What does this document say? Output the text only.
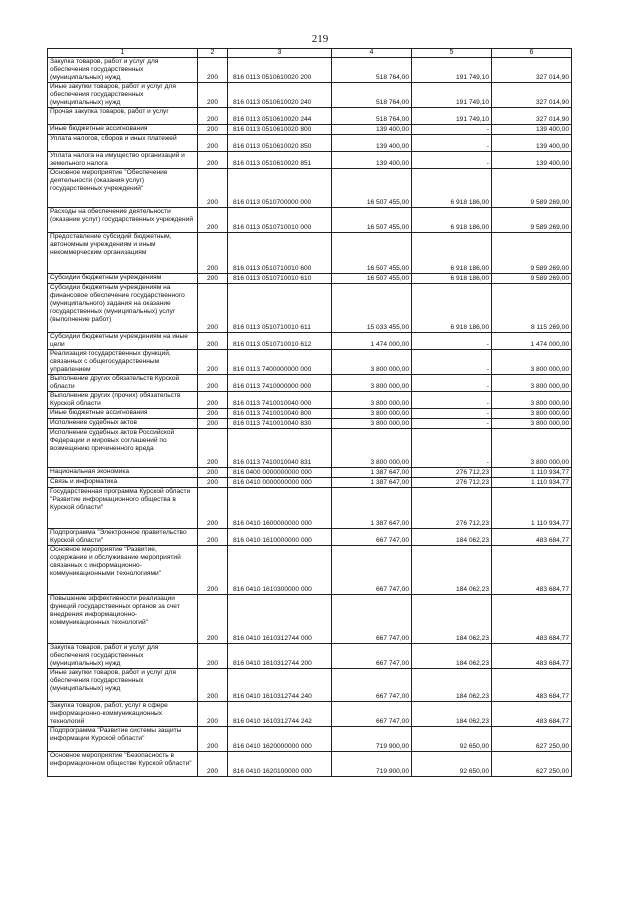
219
1	2	3	4	5	6
Закупка товаров, работ и услуг для обеспечения государственных (муниципальных) нужд	200	816 0113 0510610020 200	518 764,00	191 749,10	327 014,90
Иные закупки товаров, работ и услуг для обеспечения государственных (муниципальных) нужд	200	816 0113 0510610020 240	518 764,00	191 749,10	327 014,90
Прочая закупка товаров, работ и услуг	200	816 0113 0510610020 244	518 764,00	191 749,10	327 014,90
Иные бюджетные ассигнования	200	816 0113 0510610020 800	139 400,00	-	139 400,00
Уплата налогов, сборов и иных платежей	200	816 0113 0510610020 850	139 400,00	-	139 400,00
Уплата налога на имущество организаций и земельного налога	200	816 0113 0510610020 851	139 400,00	-	139 400,00
Основное мероприятие "Обеспечение деятельности (оказания услуг) государственных учреждений"	200	816 0113 0510700000 000	16 507 455,00	6 918 186,00	9 589 269,00
Расходы на обеспечение деятельности (оказание услуг) государственных учреждений	200	816 0113 0510710010 000	16 507 455,00	6 918 186,00	9 589 269,00
Предоставление субсидий бюджетным, автономным учреждениям и иным некоммерческим организациям	200	816 0113 0510710010 600	16 507 455,00	6 918 186,00	9 589 269,00
Субсидии бюджетным учреждениям	200	816 0113 0510710010 610	16 507 455,00	6 918 186,00	9 589 269,00
Субсидии бюджетным учреждениям на финансовое обеспечение государственного (муниципального) задания на оказание государственных (муниципальных) услуг (выполнение работ)	200	816 0113 0510710010 611	15 033 455,00	6 918 186,00	8 115 269,00
Субсидии бюджетным учреждениям на иные цели	200	816 0113 0510710010 612	1 474 000,00	-	1 474 000,00
Реализация государственных функций, связанных с общегосударственным управлением	200	816 0113 7400000000 000	3 800 000,00	-	3 800 000,00
Выполнение других обязательств Курской области	200	816 0113 7410000000 000	3 800 000,00	-	3 800 000,00
Выполнение других (прочих) обязательств Курской области	200	816 0113 7410010040 000	3 800 000,00	-	3 800 000,00
Иные бюджетные ассигнования	200	816 0113 7410010040 800	3 800 000,00	-	3 800 000,00
Исполнение судебных актов	200	816 0113 7410010040 830	3 800 000,00	-	3 800 000,00
Исполнение судебных актов Российской Федерации и мировых соглашений по возмещению причиненного вреда	200	816 0113 7410010040 831	3 800 000,00	-	3 800 000,00
Национальная экономика	200	816 0400 0000000000 000	1 387 647,00	276 712,23	1 110 934,77
Связь и информатика	200	816 0410 0000000000 000	1 387 647,00	276 712,23	1 110 934,77
Государственная программа Курской области "Развитие информационного общества в Курской области"	200	816 0410 1600000000 000	1 387 647,00	276 712,23	1 110 934,77
Подпрограмма "Электронное правительство Курской области"	200	816 0410 1610000000 000	667 747,00	184 062,23	483 684,77
Основное мероприятие "Развитие, содержание и обслуживание мероприятий связанных с информационно-коммуникационными технологиями"	200	816 0410 1610300000 000	667 747,00	184 062,23	483 684,77
Повышение эффективности реализации функций государственных органов за счет внедрения информационно-коммуникационных технологий"	200	816 0410 1610312744 000	667 747,00	184 062,23	483 684,77
Закупка товаров, работ и услуг для обеспечения государственных (муниципальных) нужд	200	816 0410 1610312744 200	667 747,00	184 062,23	483 684,77
Иные закупки товаров, работ и услуг для обеспечения государственных (муниципальных) нужд	200	816 0410 1610312744 240	667 747,00	184 062,23	483 684,77
Закупка товаров, работ, услуг в сфере информационно-коммуникационных технологий	200	816 0410 1610312744 242	667 747,00	184 062,23	483 684,77
Подпрограмма "Развитие системы защиты информации Курской области"	200	816 0410 1620000000 000	719 900,00	92 650,00	627 250,00
Основное мероприятие "Безопасность в информационном обществе Курской области"	200	816 0410 1620100000 000	719 900,00	92 650,00	627 250,00
